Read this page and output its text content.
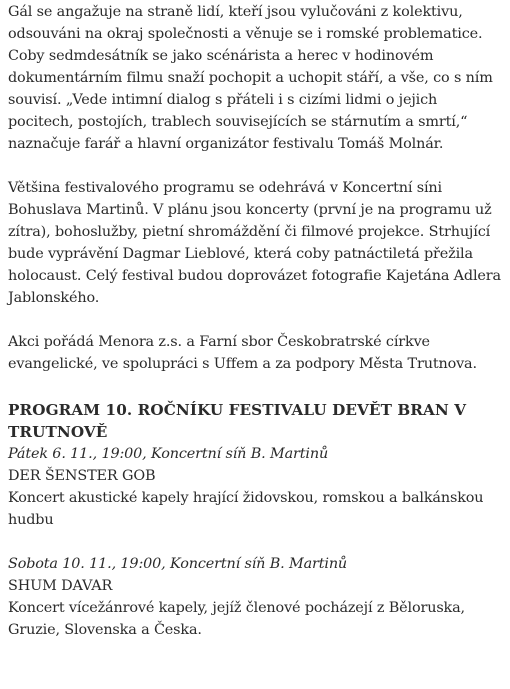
Gál se angažuje na straně lidí, kteří jsou vylučováni z kolektivu, odsouváni na okraj společnosti a věnuje se i romské problematice. Coby sedmdesátník se jako scénárista a herec v hodinovém dokumentárním filmu snaží pochopit a uchopit stáří, a vše, co s ním souvisí. „Vede intimní dialog s přáteli i s cizími lidmi o jejich pocitech, postojích, trablech souvisejících se stárnutím a smrtí,“ naznačuje farář a hlavní organizátor festivalu Tomáš Molnár.

Většina festivalového programu se odehrává v Koncertní síni Bohuslava Martinů. V plánu jsou koncerty (první je na programu už zítra), bohoslužby, pietní shromáždění či filmové projekce. Strhující bude vyprávění Dagmar Lieblové, která coby patnáctiletá přežila holocaust. Celý festival budou doprovázet fotografie Kajetána Adlera Jablonského.

Akci pořádá Menora z.s. a Farní sbor Českobratrské církve evangelické, ve spolupráci s Uffem a za podpory Města Trutnova.

PROGRAM 10. ROČNÍKU FESTIVALU DEVĚT BRAN V TRUTNOVĚ
Pátek 6. 11., 19:00, Koncertní síň B. Martinů
DER ŠENSTER GOB
Koncert akustické kapely hrající židovskou, romskou a balkánskou hudbu
Sobota 10. 11., 19:00, Koncertní síň B. Martinů
SHUM DAVAR
Koncert vícežánrové kapely, jejíž členové pocházejí z Běloruska, Gruzie, Slovenska a Česka.
